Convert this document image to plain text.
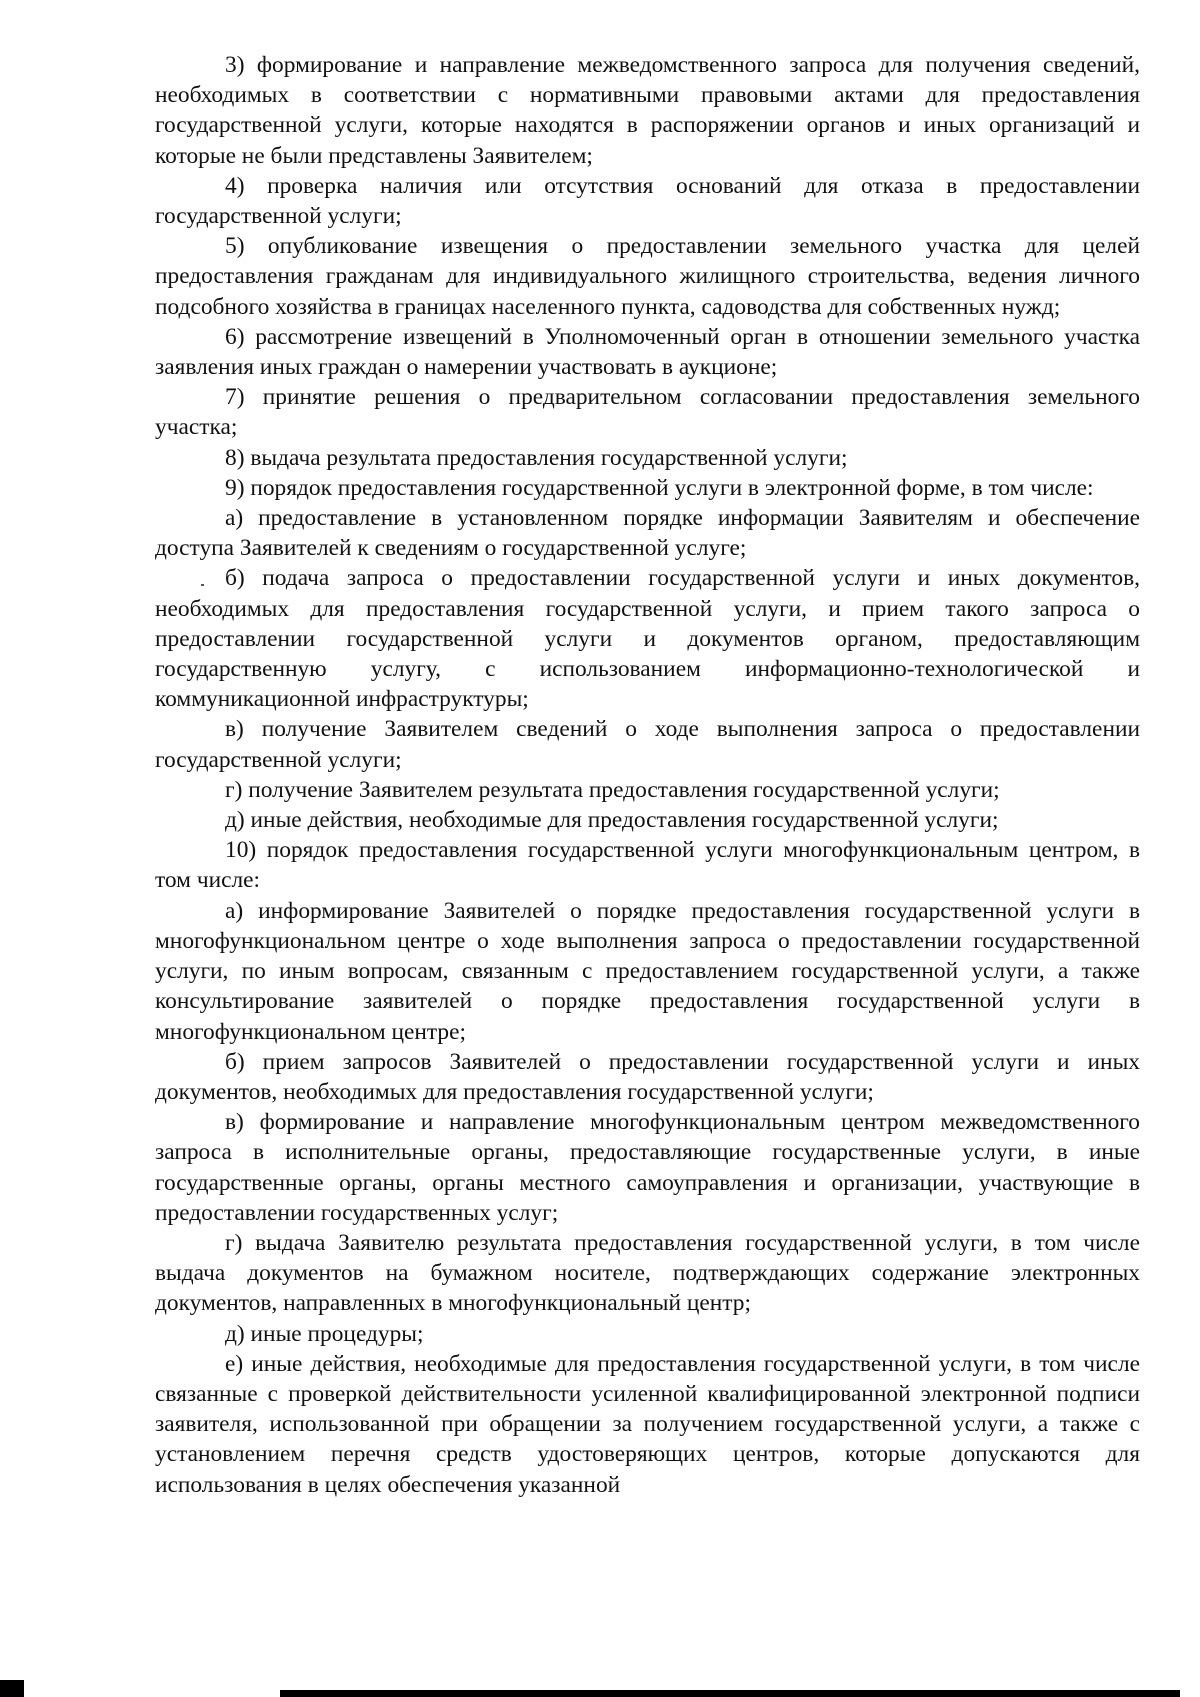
3) формирование и направление межведомственного запроса для получения сведений, необходимых в соответствии с нормативными правовыми актами для предоставления государственной услуги, которые находятся в распоряжении органов и иных организаций и которые не были представлены Заявителем;

4) проверка наличия или отсутствия оснований для отказа в предоставлении государственной услуги;

5) опубликование извещения о предоставлении земельного участка для целей предоставления гражданам для индивидуального жилищного строительства, ведения личного подсобного хозяйства в границах населенного пункта, садоводства для собственных нужд;

6) рассмотрение извещений в Уполномоченный орган в отношении земельного участка заявления иных граждан о намерении участвовать в аукционе;

7) принятие решения о предварительном согласовании предоставления земельного участка;

8) выдача результата предоставления государственной услуги;

9) порядок предоставления государственной услуги в электронной форме, в том числе:

а) предоставление в установленном порядке информации Заявителям и обеспечение доступа Заявителей к сведениям о государственной услуге;

б) подача запроса о предоставлении государственной услуги и иных документов, необходимых для предоставления государственной услуги, и прием такого запроса о предоставлении государственной услуги и документов органом, предоставляющим государственную услугу, с использованием информационно-технологической и коммуникационной инфраструктуры;

в) получение Заявителем сведений о ходе выполнения запроса о предоставлении государственной услуги;

г) получение Заявителем результата предоставления государственной услуги;

д) иные действия, необходимые для предоставления государственной услуги;

10) порядок предоставления государственной услуги многофункциональным центром, в том числе:

а) информирование Заявителей о порядке предоставления государственной услуги в многофункциональном центре о ходе выполнения запроса о предоставлении государственной услуги, по иным вопросам, связанным с предоставлением государственной услуги, а также консультирование заявителей о порядке предоставления государственной услуги в многофункциональном центре;

б) прием запросов Заявителей о предоставлении государственной услуги и иных документов, необходимых для предоставления государственной услуги;

в) формирование и направление многофункциональным центром межведомственного запроса в исполнительные органы, предоставляющие государственные услуги, в иные государственные органы, органы местного самоуправления и организации, участвующие в предоставлении государственных услуг;

г) выдача Заявителю результата предоставления государственной услуги, в том числе выдача документов на бумажном носителе, подтверждающих содержание электронных документов, направленных в многофункциональный центр;

д) иные процедуры;

е) иные действия, необходимые для предоставления государственной услуги, в том числе связанные с проверкой действительности усиленной квалифицированной электронной подписи заявителя, использованной при обращении за получением государственной услуги, а также с установлением перечня средств удостоверяющих центров, которые допускаются для использования в целях обеспечения указанной
